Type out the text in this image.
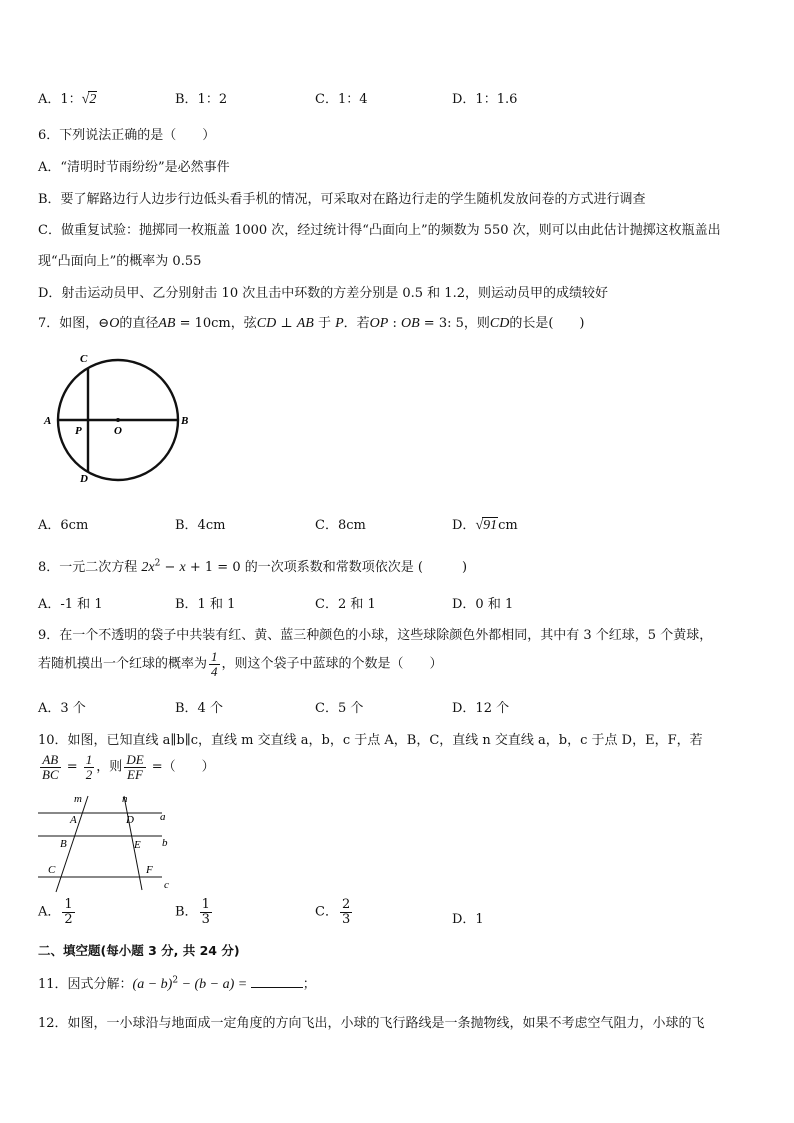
A．1：√2	B．1：2	C．1：4	D．1：1.6
6．下列说法正确的是（　　）
A．“清明时节雨纷纷”是必然事件
B．要了解路边行人边步行边低头看手机的情况，可采取对在路边行走的学生随机发放问卷的方式进行调查
C．做重复试验：抛掷同一枚瓶盖 1000 次，经过统计得“凸面向上”的频数为 550 次，则可以由此估计抛掷这枚瓶盖出
现“凸面向上”的概率为 0.55
D．射击运动员甲、乙分别射击 10 次且击中环数的方差分别是 0.5 和 1.2，则运动员甲的成绩较好
7．如图，⊖O的直径AB = 10cm，弦CD ⊥ AB 于 P．若OP : OB = 3: 5，则CD的长是(　　)
C
A	B
P	O
D
A．6cm	B．4cm	C．8cm	D．√91cm
8．一元二次方程 $2x^2 - x + 1 = 0$ 的一次项系数和常数项依次是 (　　　)
A．-1 和 1	B．1 和 1	C．2 和 1	D．0 和 1
9．在一个不透明的袋子中共装有红、黄、蓝三种颜色的小球，这些球除颜色外都相同，其中有 3 个红球，5 个黄球，
若随机摸出一个红球的概率为 $\frac{1}{4}$ ，则这个袋子中蓝球的个数是（　　）
A．3 个	B．4 个	C．5 个	D．12 个
10．如图，已知直线 a∥b∥c，直线 m 交直线 a，b，c 于点 A，B，C，直线 n 交直线 a，b，c 于点 D，E，F，若
$\frac{AB}{BC} = \frac{1}{2}$ ，则 $\frac{DE}{EF}$ =（　　）
m	n
a
b
c
A	D
B	E
C	F
A． $\frac{1}{2}$	B． $\frac{1}{3}$	C． $\frac{2}{3}$	D．1
二、填空题(每小题 3 分, 共 24 分)
11．因式分解：$(a - b)^2 - (b - a)$ =	；
12．如图，一小球沿与地面成一定角度的方向飞出，小球的飞行路线是一条抛物线，如果不考虑空气阻力，小球的飞
